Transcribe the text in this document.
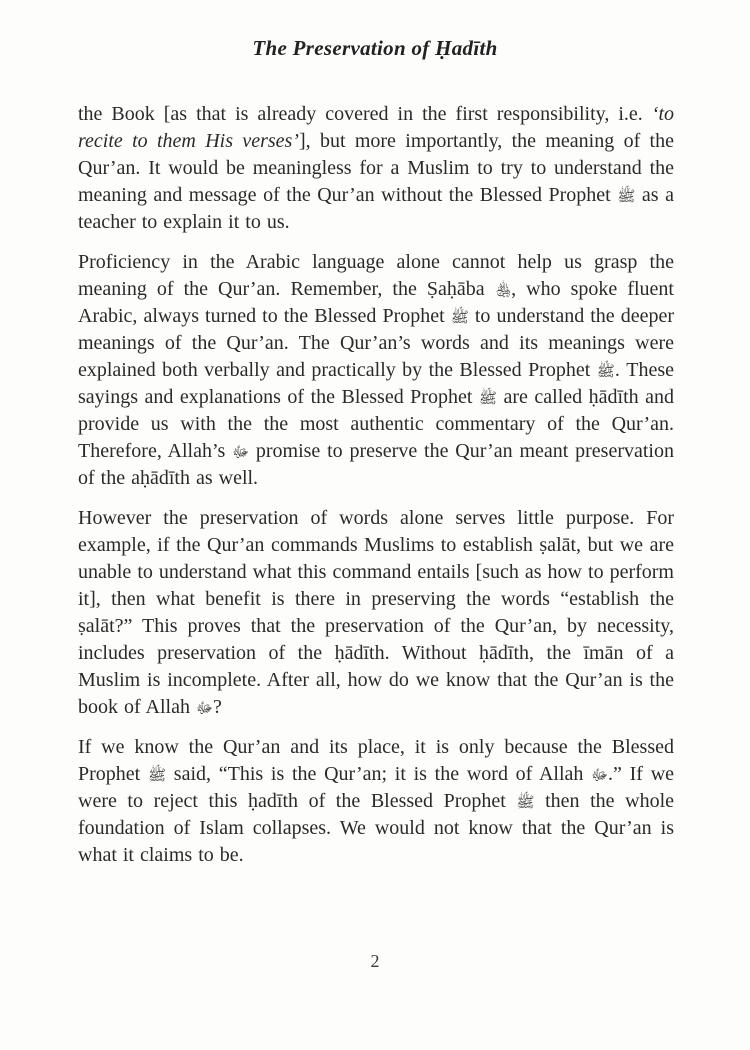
The Preservation of Ḥadīth

the Book [as that is already covered in the first responsibility, i.e. ‘to recite to them His verses’], but more importantly, the meaning of the Qur’an. It would be meaningless for a Muslim to try to understand the meaning and message of the Qur’an without the Blessed Prophet ﷺ as a teacher to explain it to us.

Proficiency in the Arabic language alone cannot help us grasp the meaning of the Qur’an. Remember, the Ṣaḥāba ﵃, who spoke fluent Arabic, always turned to the Blessed Prophet ﷺ to understand the deeper meanings of the Qur’an. The Qur’an’s words and its meanings were explained both verbally and practically by the Blessed Prophet ﷺ. These sayings and explanations of the Blessed Prophet ﷺ are called ḥādīth and provide us with the the most authentic commentary of the Qur’an. Therefore, Allah’s ﷻ promise to preserve the Qur’an meant preservation of the aḥādīth as well.

However the preservation of words alone serves little purpose. For example, if the Qur’an commands Muslims to establish ṣalāt, but we are unable to understand what this command entails [such as how to perform it], then what benefit is there in preserving the words “establish the ṣalāt?” This proves that the preservation of the Qur’an, by necessity, includes preservation of the ḥādīth. Without ḥādīth, the īmān of a Muslim is incomplete. After all, how do we know that the Qur’an is the book of Allah ﷻ?

If we know the Qur’an and its place, it is only because the Blessed Prophet ﷺ said, “This is the Qur’an; it is the word of Allah ﷻ.” If we were to reject this ḥadīth of the Blessed Prophet ﷺ then the whole foundation of Islam collapses. We would not know that the Qur’an is what it claims to be.

2
